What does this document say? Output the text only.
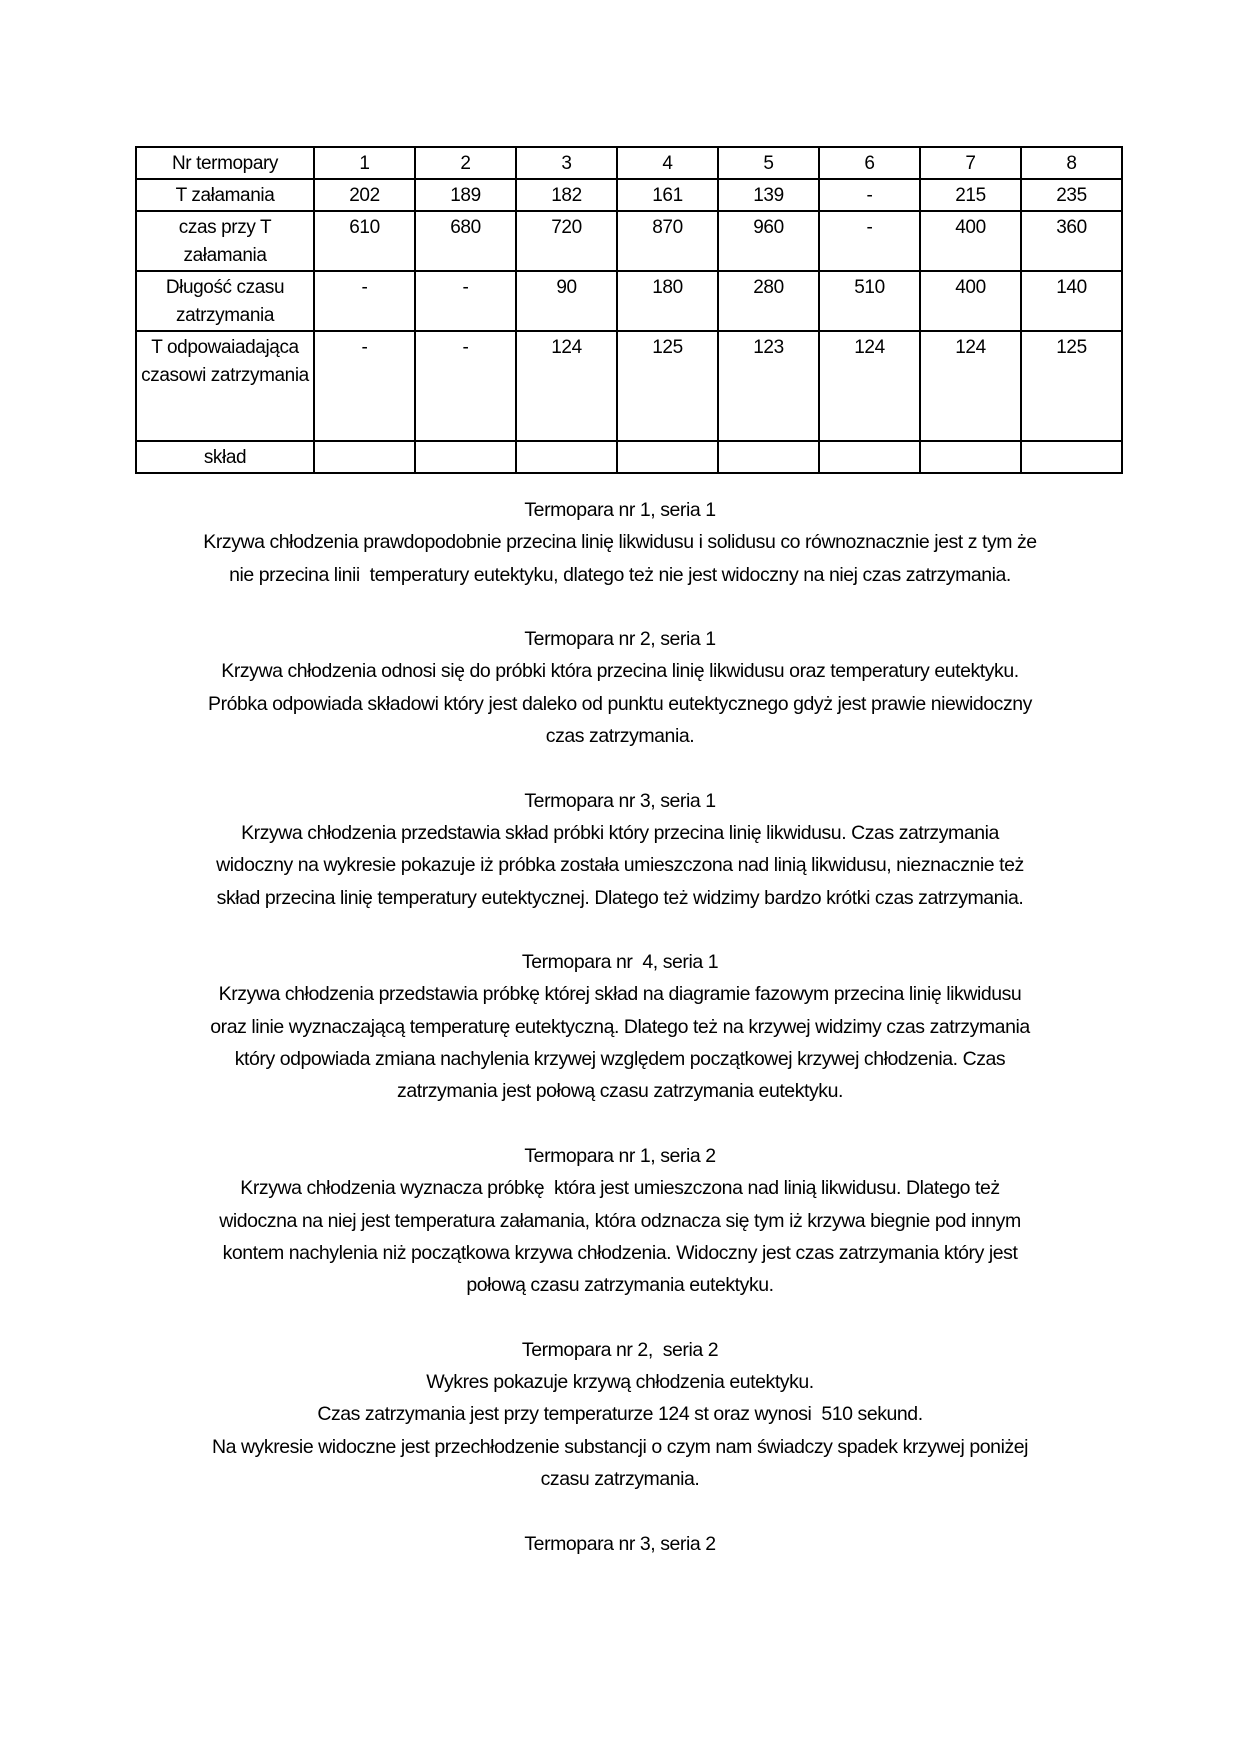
Nr termopary	1	2	3	4	5	6	7	8
T załamania	202	189	182	161	139	-	215	235
czas przy T załamania	610	680	720	870	960	-	400	360
Długość czasu zatrzymania	-	-	90	180	280	510	400	140
T odpowaiadająca czasowi zatrzymania	-	-	124	125	123	124	124	125
skład								
Termopara nr 1, seria 1
Krzywa chłodzenia prawdopodobnie przecina linię likwidusu i solidusu co równoznacznie jest z tym że
nie przecina linii  temperatury eutektyku, dlatego też nie jest widoczny na niej czas zatrzymania.
Termopara nr 2, seria 1
Krzywa chłodzenia odnosi się do próbki która przecina linię likwidusu oraz temperatury eutektyku.
Próbka odpowiada składowi który jest daleko od punktu eutektycznego gdyż jest prawie niewidoczny
czas zatrzymania.
Termopara nr 3, seria 1
Krzywa chłodzenia przedstawia skład próbki który przecina linię likwidusu. Czas zatrzymania
widoczny na wykresie pokazuje iż próbka została umieszczona nad linią likwidusu, nieznacznie też
skład przecina linię temperatury eutektycznej. Dlatego też widzimy bardzo krótki czas zatrzymania.
Termopara nr  4, seria 1
Krzywa chłodzenia przedstawia próbkę której skład na diagramie fazowym przecina linię likwidusu
oraz linie wyznaczającą temperaturę eutektyczną. Dlatego też na krzywej widzimy czas zatrzymania
który odpowiada zmiana nachylenia krzywej względem początkowej krzywej chłodzenia. Czas
zatrzymania jest połową czasu zatrzymania eutektyku.
Termopara nr 1, seria 2
Krzywa chłodzenia wyznacza próbkę  która jest umieszczona nad linią likwidusu. Dlatego też
widoczna na niej jest temperatura załamania, która odznacza się tym iż krzywa biegnie pod innym
kontem nachylenia niż początkowa krzywa chłodzenia. Widoczny jest czas zatrzymania który jest
połową czasu zatrzymania eutektyku.
Termopara nr 2,  seria 2
Wykres pokazuje krzywą chłodzenia eutektyku.
Czas zatrzymania jest przy temperaturze 124 st oraz wynosi  510 sekund.
Na wykresie widoczne jest przechłodzenie substancji o czym nam świadczy spadek krzywej poniżej
czasu zatrzymania.
Termopara nr 3, seria 2
